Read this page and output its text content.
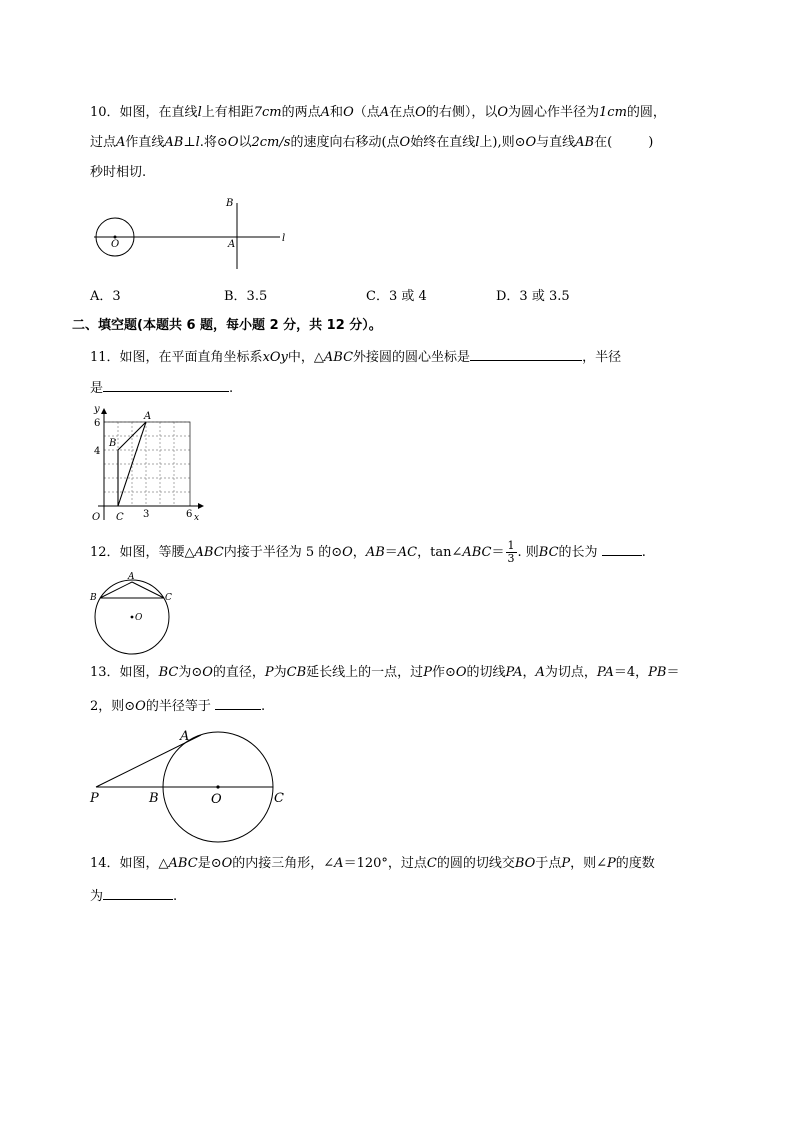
10．如图，在直线l上有相距7cm的两点A和O（点A在点O的右侧），以O为圆心作半径为1cm的圆，
过点A作直线AB⊥l.将⊙O以2cm/s的速度向右移动(点O始终在直线l上),则⊙O与直线AB在(	)
秒时相切.
B
A
O
l
A．3	B．3.5	C．3 或 4	D．3 或 3.5
二、填空题(本题共 6 题，每小题 2 分，共 12 分）。
11．如图，在平面直角坐标系xOy中，△ABC外接圆的圆心坐标是	，半径
是	.
y
x
O C 3	6
6
4
A
B
12．如图，等腰△ABC内接于半径为 5 的⊙O，AB＝AC，tan∠ABC＝ $\frac{1}{3}$ . 则BC的长为	.
A
B	C
O
13．如图，BC为⊙O的直径，P为CB延长线上的一点，过P作⊙O的切线PA，A为切点，PA＝4，PB＝
2，则⊙O的半径等于	.
A
P	B	O	C
14．如图，△ABC是⊙O的内接三角形，∠A＝120°，过点C的圆的切线交BO于点P，则∠P的度数
为	.
